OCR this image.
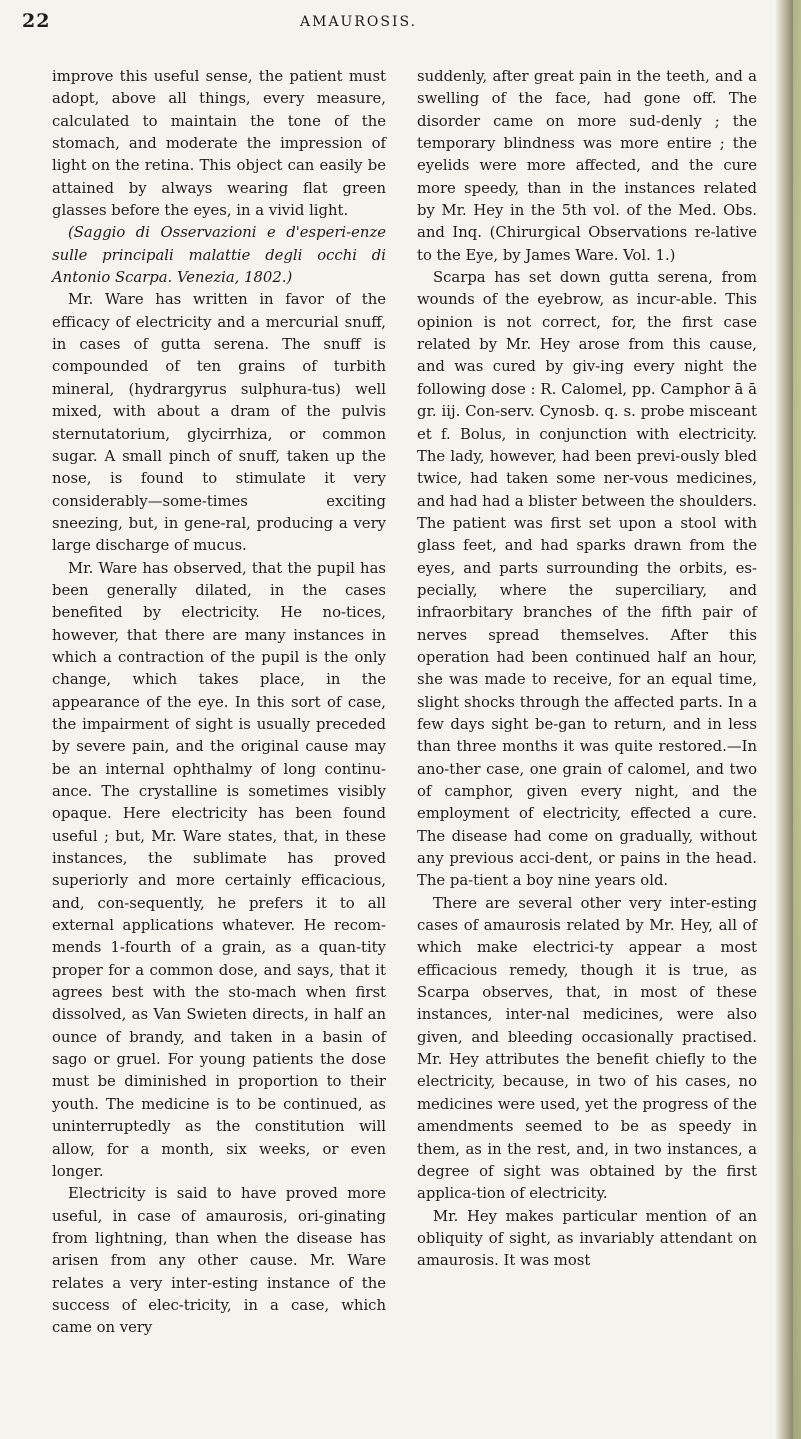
22	AMAUROSIS.

improve this useful sense, the patient must adopt, above all things, every measure, calculated to maintain the tone of the stomach, and moderate the impression of light on the retina. This object can easily be attained by always wearing flat green glasses before the eyes, in a vivid light.

(Saggio di Osservazioni e d'esperi-enze sulle principali malattie degli occhi di Antonio Scarpa. Venezia, 1802.)

Mr. Ware has written in favor of the efficacy of electricity and a mercurial snuff, in cases of gutta serena. The snuff is compounded of ten grains of turbith mineral, (hydrargyrus sulphura-tus) well mixed, with about a dram of the pulvis sternutatorium, glycirrhiza, or common sugar. A small pinch of snuff, taken up the nose, is found to stimulate it very considerably—some-times exciting sneezing, but, in gene-ral, producing a very large discharge of mucus.

Mr. Ware has observed, that the pupil has been generally dilated, in the cases benefited by electricity. He no-tices, however, that there are many instances in which a contraction of the pupil is the only change, which takes place, in the appearance of the eye. In this sort of case, the impairment of sight is usually preceded by severe pain, and the original cause may be an internal ophthalmy of long continu-ance. The crystalline is sometimes visibly opaque. Here electricity has been found useful ; but, Mr. Ware states, that, in these instances, the sublimate has proved superiorly and more certainly efficacious, and, con-sequently, he prefers it to all external applications whatever. He recom-mends 1-fourth of a grain, as a quan-tity proper for a common dose, and says, that it agrees best with the sto-mach when first dissolved, as Van Swieten directs, in half an ounce of brandy, and taken in a basin of sago or gruel. For young patients the dose must be diminished in proportion to their youth. The medicine is to be continued, as uninterruptedly as the constitution will allow, for a month, six weeks, or even longer.

Electricity is said to have proved more useful, in case of amaurosis, ori-ginating from lightning, than when the disease has arisen from any other cause. Mr. Ware relates a very inter-esting instance of the success of elec-tricity, in a case, which came on very

suddenly, after great pain in the teeth, and a swelling of the face, had gone off. The disorder came on more sud-denly ; the temporary blindness was more entire ; the eyelids were more affected, and the cure more speedy, than in the instances related by Mr. Hey in the 5th vol. of the Med. Obs. and Inq. (Chirurgical Observations re-lative to the Eye, by James Ware. Vol. 1.)

Scarpa has set down gutta serena, from wounds of the eyebrow, as incur-able. This opinion is not correct, for, the first case related by Mr. Hey arose from this cause, and was cured by giv-ing every night the following dose : R. Calomel, pp. Camphor ā ā gr. iij. Con-serv. Cynosb. q. s. probe misceant et f. Bolus, in conjunction with electricity. The lady, however, had been previ-ously bled twice, had taken some ner-vous medicines, and had had a blister between the shoulders. The patient was first set upon a stool with glass feet, and had sparks drawn from the eyes, and parts surrounding the orbits, es-pecially, where the superciliary, and infraorbitary branches of the fifth pair of nerves spread themselves. After this operation had been continued half an hour, she was made to receive, for an equal time, slight shocks through the affected parts. In a few days sight be-gan to return, and in less than three months it was quite restored.—In ano-ther case, one grain of calomel, and two of camphor, given every night, and the employment of electricity, effected a cure. The disease had come on gradually, without any previous acci-dent, or pains in the head. The pa-tient a boy nine years old.

There are several other very inter-esting cases of amaurosis related by Mr. Hey, all of which make electrici-ty appear a most efficacious remedy, though it is true, as Scarpa observes, that, in most of these instances, inter-nal medicines, were also given, and bleeding occasionally practised. Mr. Hey attributes the benefit chiefly to the electricity, because, in two of his cases, no medicines were used, yet the progress of the amendments seemed to be as speedy in them, as in the rest, and, in two instances, a degree of sight was obtained by the first applica-tion of electricity.

Mr. Hey makes particular mention of an obliquity of sight, as invariably attendant on amaurosis. It was most
